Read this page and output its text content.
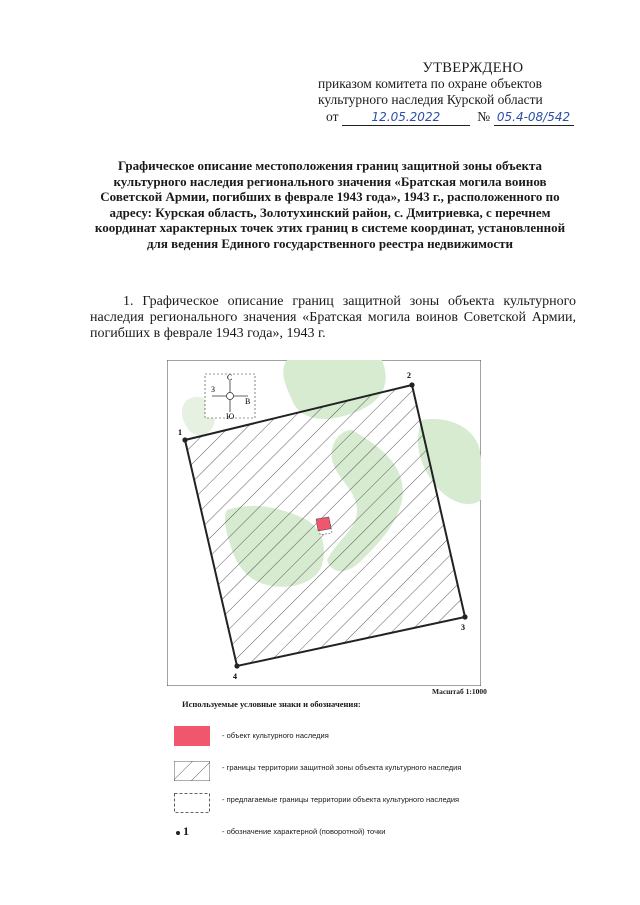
УТВЕРЖДЕНО
приказом комитета по охране объектов
культурного наследия Курской области
от	12.05.2022	№ 05.4-08/542
Графическое описание местоположения границ защитной зоны объекта культурного наследия регионального значения «Братская могила воинов Советской Армии, погибших в феврале 1943 года», 1943 г., расположенного по адресу: Курская область, Золотухинский район, с. Дмитриевка, с перечнем координат характерных точек этих границ в системе координат, установленной для ведения Единого государственного реестра недвижимости
1. Графическое описание границ защитной зоны объекта культурного наследия регионального значения «Братская могила воинов Советской Армии, погибших в феврале 1943 года», 1943 г.
С
Ю
З
В
1
2
3
4
Масштаб 1:1000
Используемые условные знаки и обозначения:
- объект культурного наследия
- границы территории защитной зоны объекта культурного наследия
- предлагаемые границы территории объекта культурного наследия
1	- обозначение характерной (поворотной) точки
